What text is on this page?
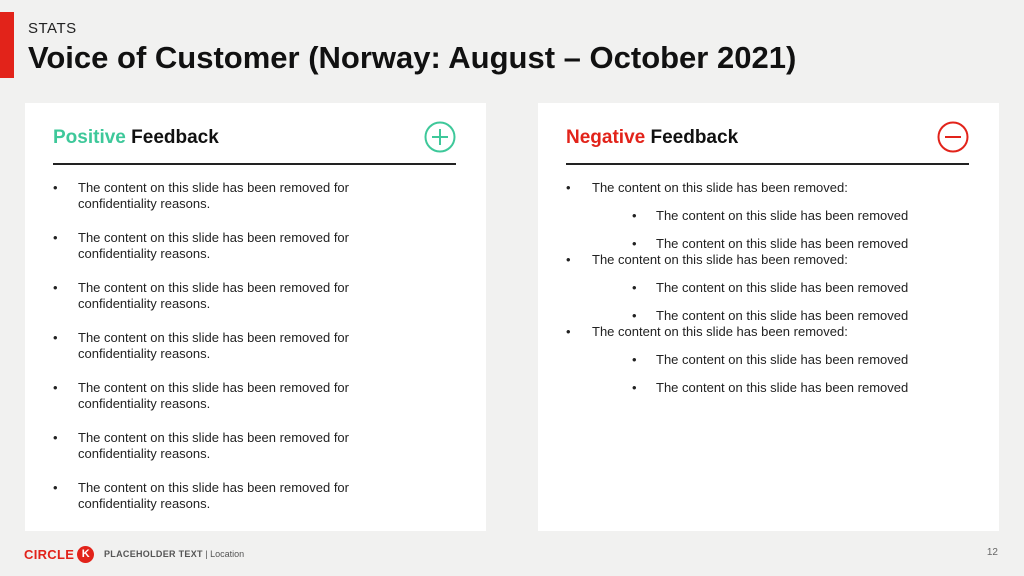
STATS
Voice of Customer (Norway: August – October 2021)
Positive Feedback
• The content on this slide has been removed for confidentiality reasons.
• The content on this slide has been removed for confidentiality reasons.
• The content on this slide has been removed for confidentiality reasons.
• The content on this slide has been removed for confidentiality reasons.
• The content on this slide has been removed for confidentiality reasons.
• The content on this slide has been removed for confidentiality reasons.
• The content on this slide has been removed for confidentiality reasons.
Negative Feedback
• The content on this slide has been removed:
• The content on this slide has been removed
• The content on this slide has been removed
• The content on this slide has been removed:
• The content on this slide has been removed
• The content on this slide has been removed
• The content on this slide has been removed:
• The content on this slide has been removed
• The content on this slide has been removed
CIRCLE K	PLACEHOLDER TEXT | Location	12
